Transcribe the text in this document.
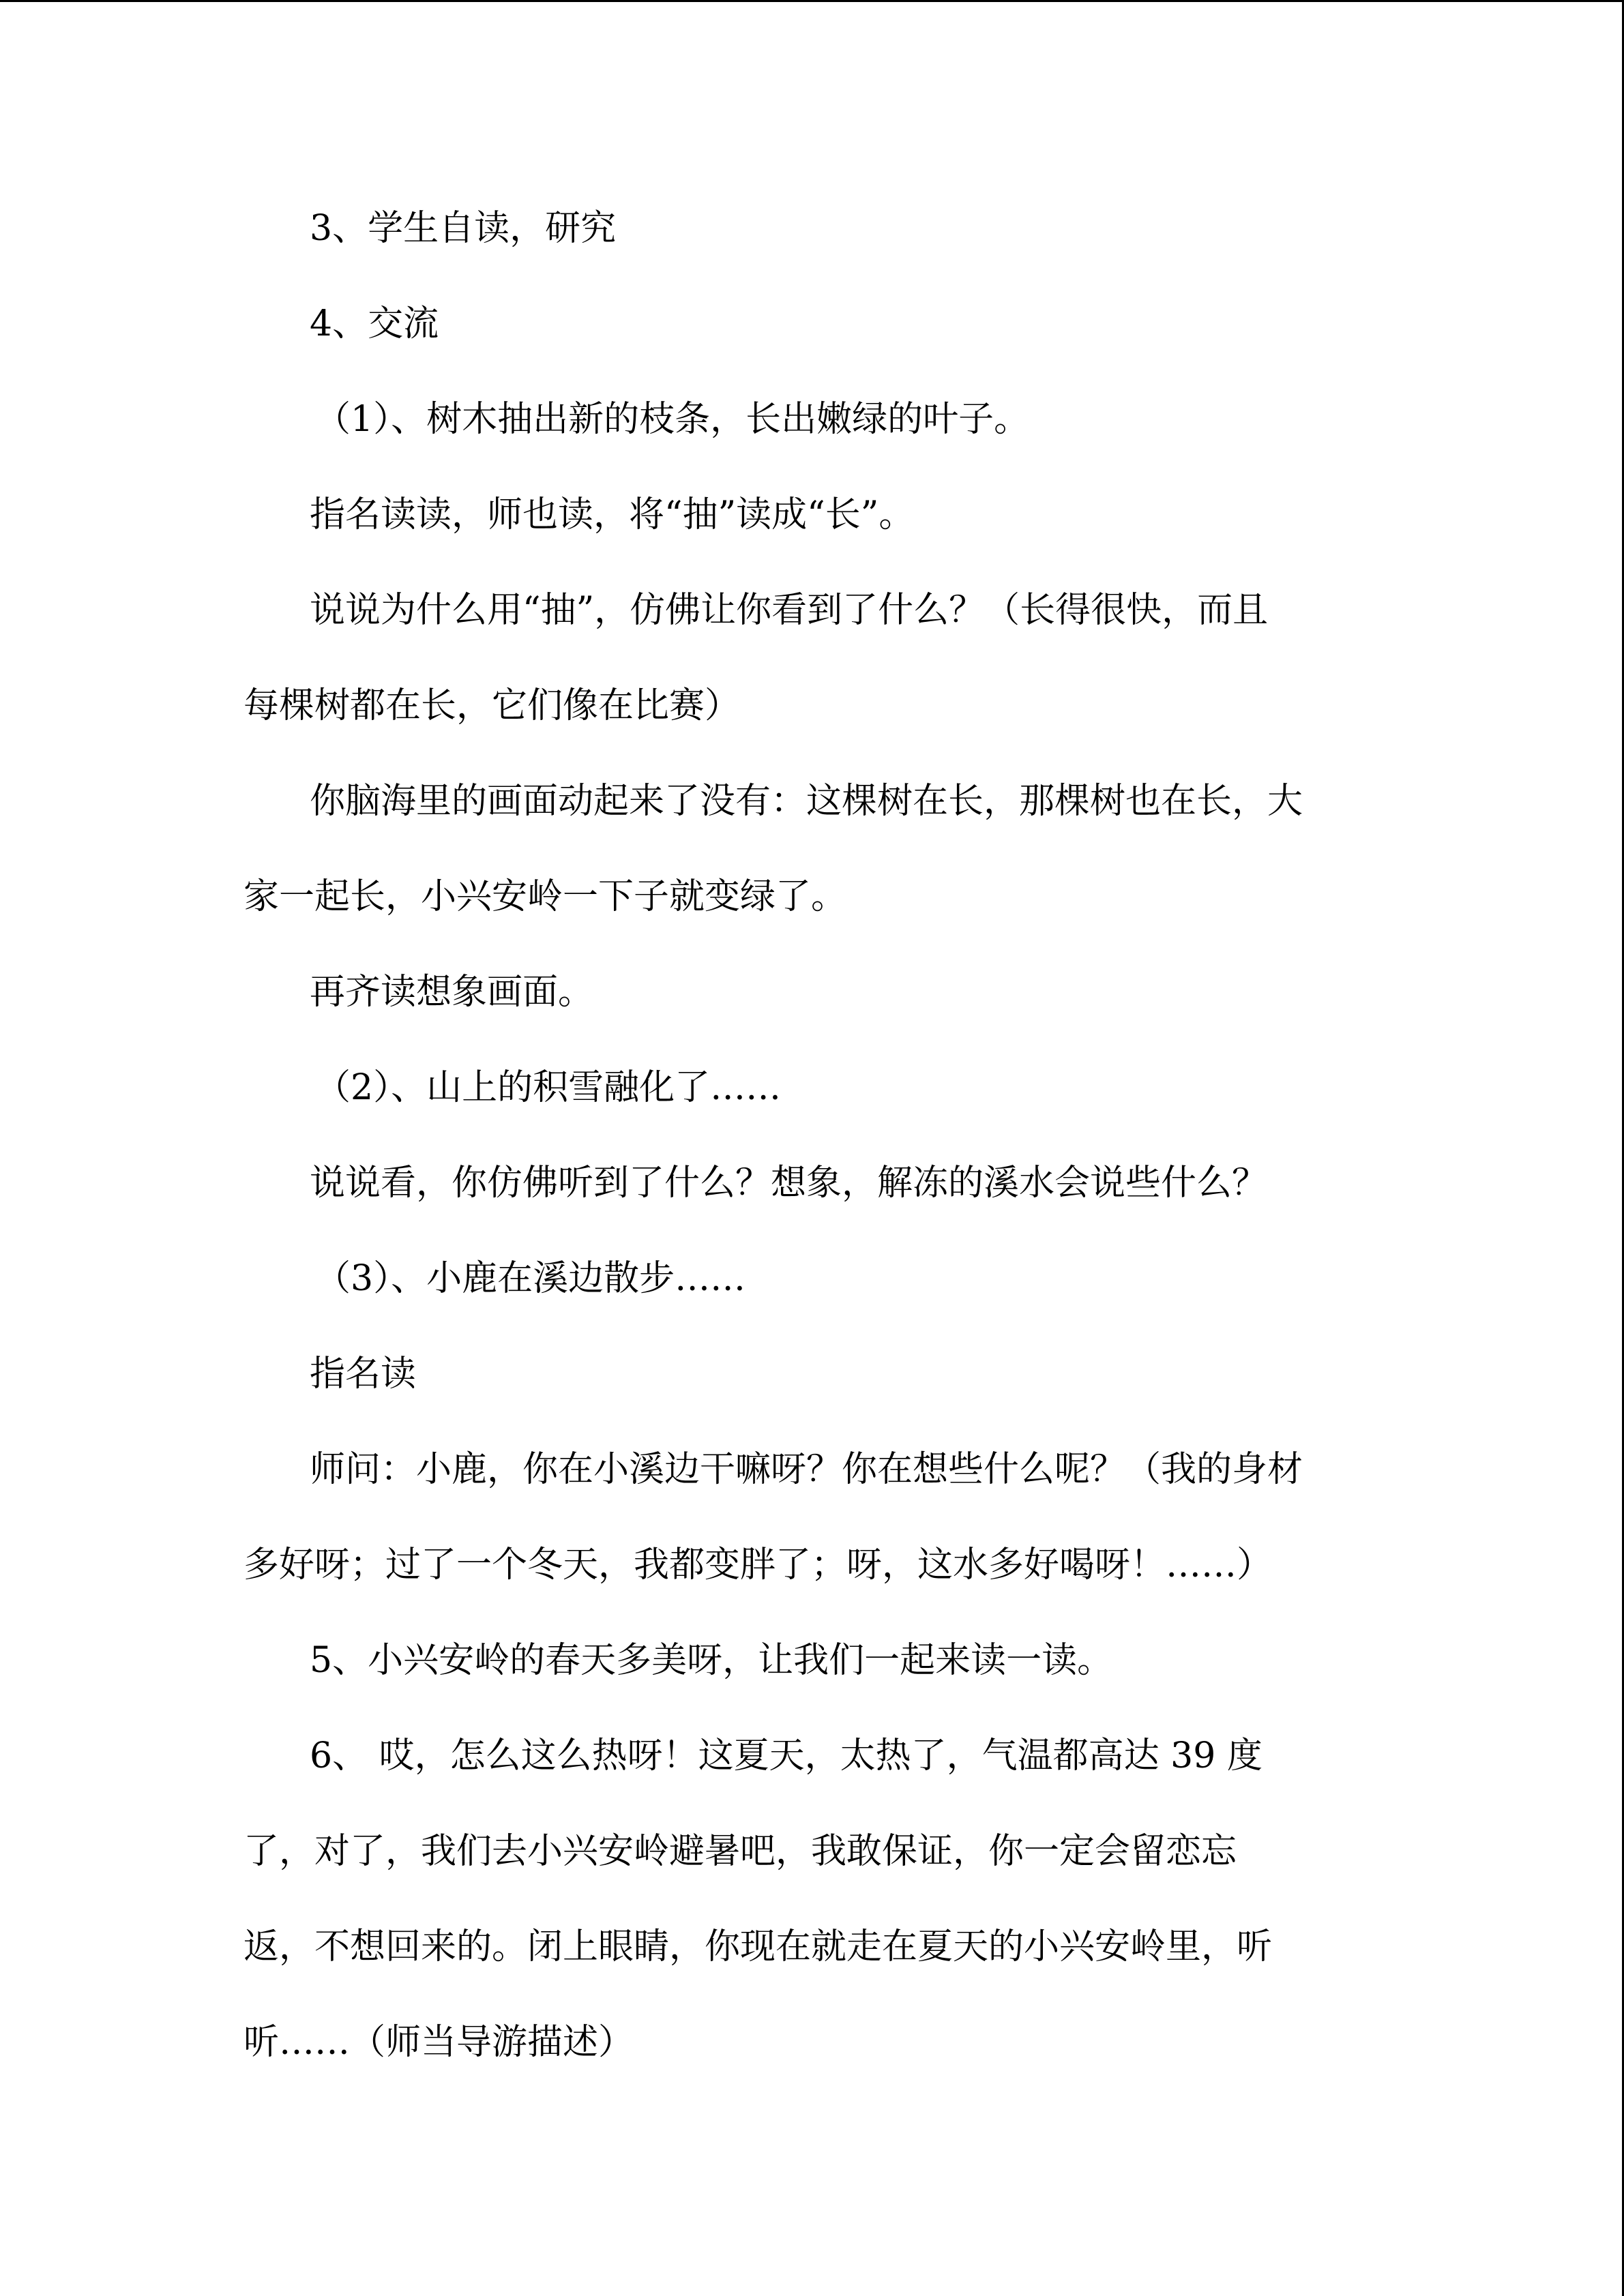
3、学生自读，研究
4、交流
（1）、树木抽出新的枝条，长出嫩绿的叶子。
指名读读，师也读，将“抽”读成“长”。
说说为什么用“抽”，仿佛让你看到了什么？（长得很快，而且
每棵树都在长，它们像在比赛）
你脑海里的画面动起来了没有：这棵树在长，那棵树也在长，大
家一起长，小兴安岭一下子就变绿了。
再齐读想象画面。
（2）、山上的积雪融化了……
说说看，你仿佛听到了什么？想象，解冻的溪水会说些什么？
（3）、小鹿在溪边散步……
指名读
师问：小鹿，你在小溪边干嘛呀？你在想些什么呢？（我的身材
多好呀；过了一个冬天，我都变胖了；呀，这水多好喝呀！……）
5、小兴安岭的春天多美呀，让我们一起来读一读。
6、 哎，怎么这么热呀！这夏天，太热了，气温都高达 39 度
了，对了，我们去小兴安岭避暑吧，我敢保证，你一定会留恋忘
返，不想回来的。闭上眼睛，你现在就走在夏天的小兴安岭里，听
听……（师当导游描述）
